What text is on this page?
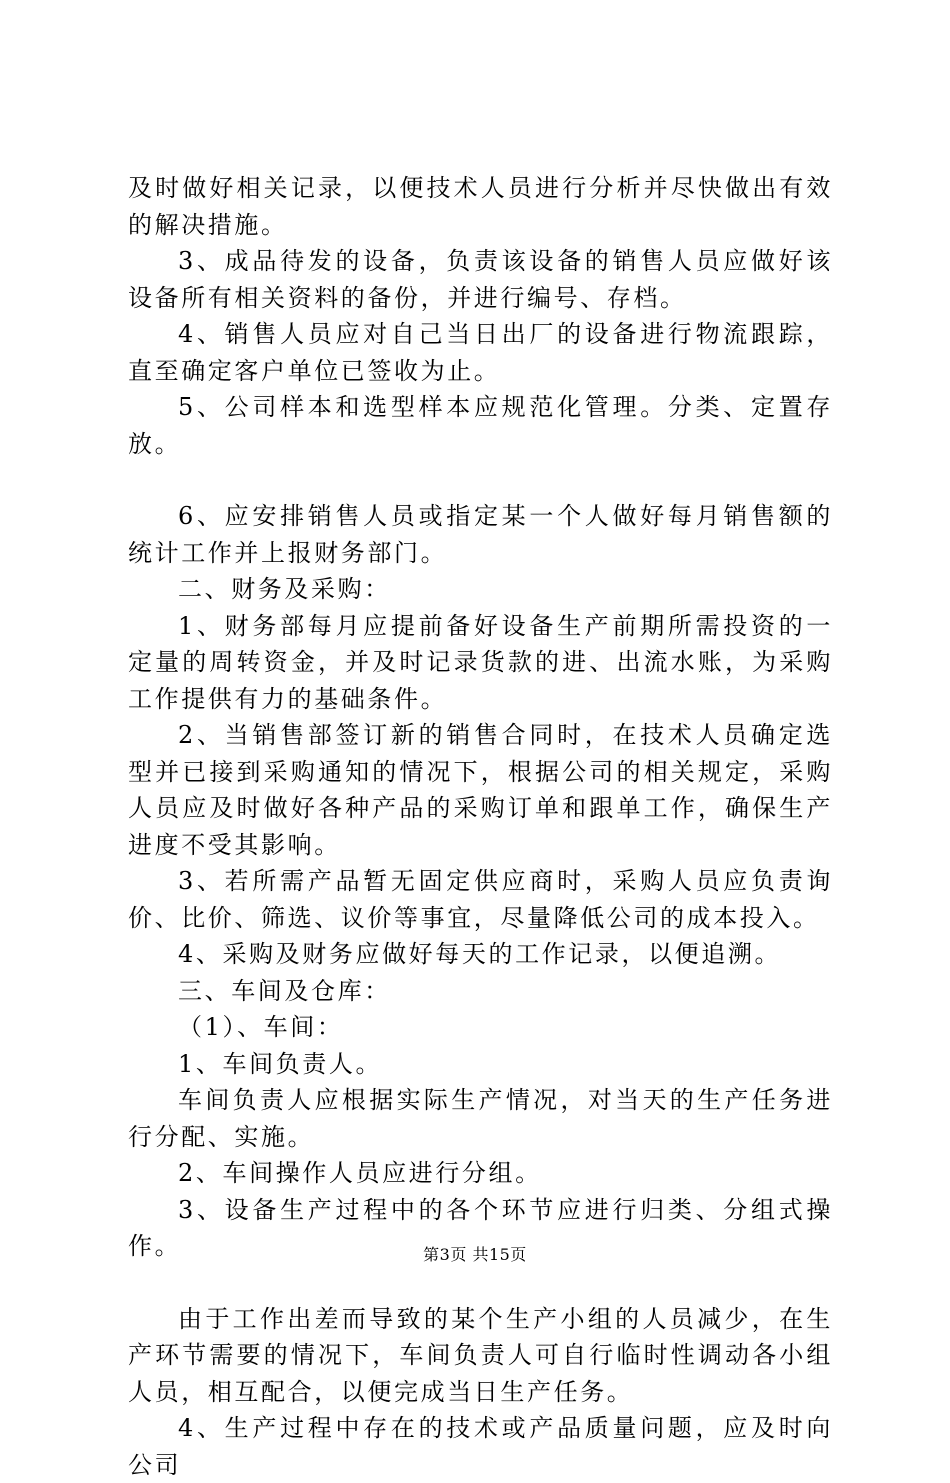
及时做好相关记录，以便技术人员进行分析并尽快做出有效的解决措施。

3、成品待发的设备，负责该设备的销售人员应做好该设备所有相关资料的备份，并进行编号、存档。

4、销售人员应对自己当日出厂的设备进行物流跟踪，直至确定客户单位已签收为止。

5、公司样本和选型样本应规范化管理。分类、定置存放。

6、应安排销售人员或指定某一个人做好每月销售额的统计工作并上报财务部门。

二、财务及采购：

1、财务部每月应提前备好设备生产前期所需投资的一定量的周转资金，并及时记录货款的进、出流水账，为采购工作提供有力的基础条件。

2、当销售部签订新的销售合同时，在技术人员确定选型并已接到采购通知的情况下，根据公司的相关规定，采购人员应及时做好各种产品的采购订单和跟单工作，确保生产进度不受其影响。

3、若所需产品暂无固定供应商时，采购人员应负责询价、比价、筛选、议价等事宜，尽量降低公司的成本投入。

4、采购及财务应做好每天的工作记录，以便追溯。

三、车间及仓库：

（1）、车间：

1、车间负责人。

车间负责人应根据实际生产情况，对当天的生产任务进行分配、实施。

2、车间操作人员应进行分组。

3、设备生产过程中的各个环节应进行归类、分组式操作。

由于工作出差而导致的某个生产小组的人员减少，在生产环节需要的情况下，车间负责人可自行临时性调动各小组人员，相互配合，以便完成当日生产任务。

4、生产过程中存在的技术或产品质量问题，应及时向公司

第3页 共15页
